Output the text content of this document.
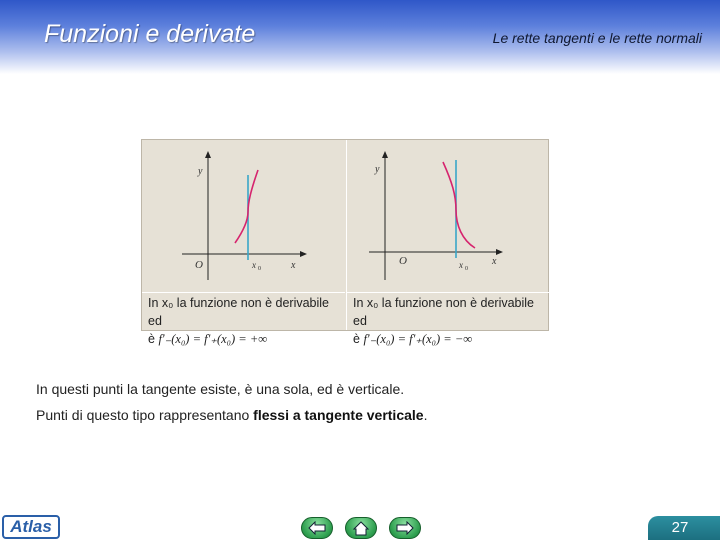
Funzioni e derivate	Le rette tangenti e le rette normali
y
O	x 0	x
In x₀ la funzione non è derivabile ed
è f′₋(x₀) = f′₊(x₀) = +∞
y
O	x 0
x
In x₀ la funzione non è derivabile ed
è f′₋(x₀) = f′₊(x₀) = −∞
In questi punti la tangente esiste, è una sola, ed è verticale.
Punti di questo tipo rappresentano flessi a tangente verticale.
Atlas	27
